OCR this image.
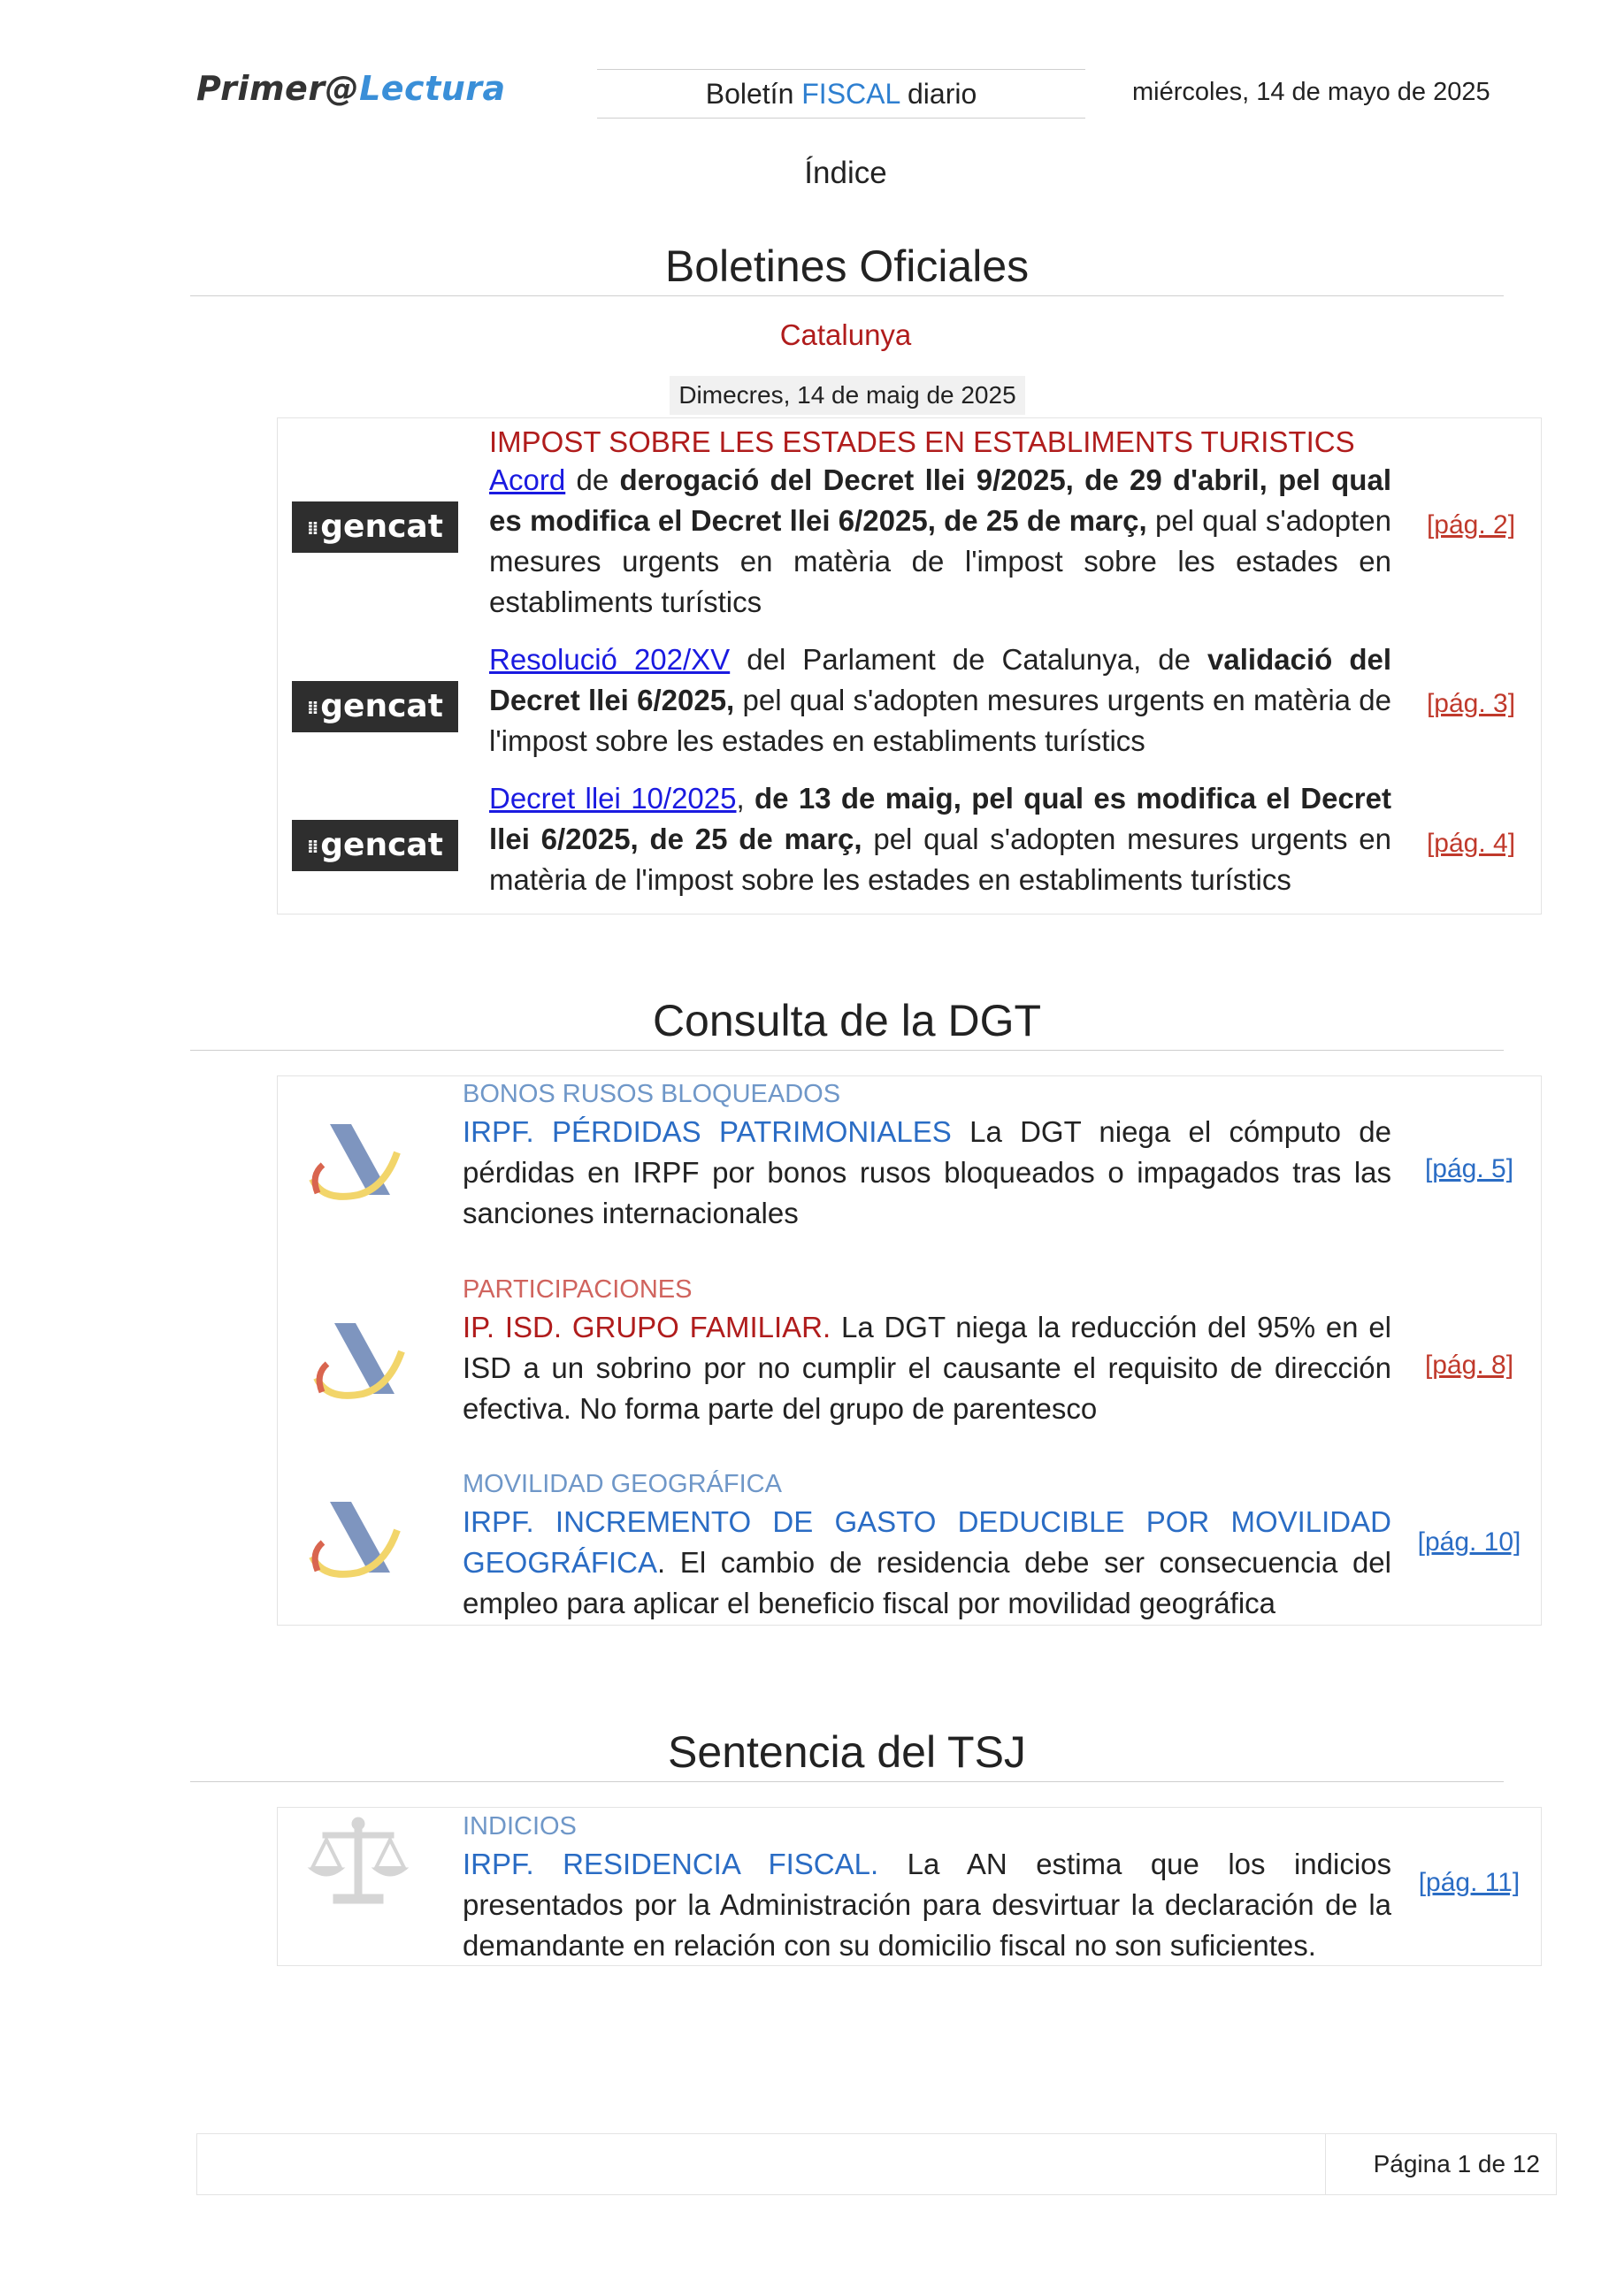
Primer@Lectura	Boletín FISCAL diario	miércoles, 14 de mayo de 2025
Índice
Boletines Oficiales
Catalunya
Dimecres, 14 de maig de 2025
IMPOST SOBRE LES ESTADES EN ESTABLIMENTS TURISTICS
⁞⁞ gencat
Acord de derogació del Decret llei 9/2025, de 29 d'abril, pel qual es modifica el Decret llei 6/2025, de 25 de març, pel qual s'adopten mesures urgents en matèria de l'impost sobre les estades en establiments turístics
[pág. 2]
⁞⁞ gencat
Resolució 202/XV del Parlament de Catalunya, de validació del Decret llei 6/2025, pel qual s'adopten mesures urgents en matèria de l'impost sobre les estades en establiments turístics
[pág. 3]
⁞⁞ gencat
Decret llei 10/2025, de 13 de maig, pel qual es modifica el Decret llei 6/2025, de 25 de març, pel qual s'adopten mesures urgents en matèria de l'impost sobre les estades en establiments turístics
[pág. 4]
Consulta de la DGT
BONOS RUSOS BLOQUEADOS
IRPF. PÉRDIDAS PATRIMONIALES La DGT niega el cómputo de pérdidas en IRPF por bonos rusos bloqueados o impagados tras las sanciones internacionales
[pág. 5]
PARTICIPACIONES
IP. ISD. GRUPO FAMILIAR. La DGT niega la reducción del 95% en el ISD a un sobrino por no cumplir el causante el requisito de dirección efectiva. No forma parte del grupo de parentesco
[pág. 8]
MOVILIDAD GEOGRÁFICA
IRPF. INCREMENTO DE GASTO DEDUCIBLE POR MOVILIDAD GEOGRÁFICA. El cambio de residencia debe ser consecuencia del empleo para aplicar el beneficio fiscal por movilidad geográfica
[pág. 10]
Sentencia del TSJ
INDICIOS
IRPF. RESIDENCIA FISCAL. La AN estima que los indicios presentados por la Administración para desvirtuar la declaración de la demandante en relación con su domicilio fiscal no son suficientes.
[pág. 11]
Página 1 de 12
